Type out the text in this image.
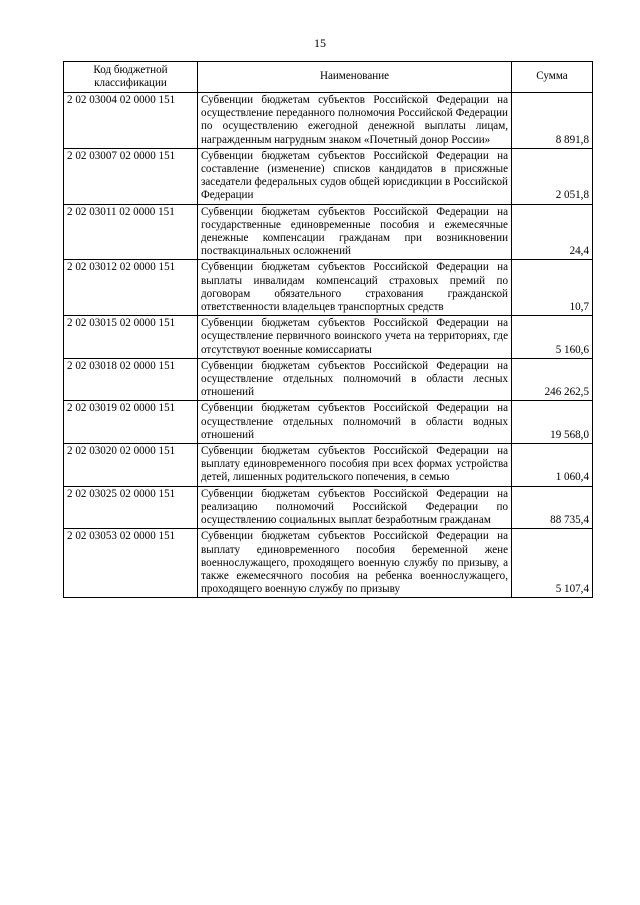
15
Код бюджетной классификации	Наименование	Сумма
2 02 03004 02 0000 151	Субвенции бюджетам субъектов Российской Федерации на осуществление переданного полномочия Российской Федерации по осуществлению ежегодной денежной выплаты лицам, награжденным нагрудным знаком «Почетный донор России»	8 891,8
2 02 03007 02 0000 151	Субвенции бюджетам субъектов Российской Федерации на составление (изменение) списков кандидатов в присяжные заседатели федеральных судов общей юрисдикции в Российской Федерации	2 051,8
2 02 03011 02 0000 151	Субвенции бюджетам субъектов Российской Федерации на государственные единовременные пособия и ежемесячные денежные компенсации гражданам при возникновении поствакцинальных осложнений	24,4
2 02 03012 02 0000 151	Субвенции бюджетам субъектов Российской Федерации на выплаты инвалидам компенсаций страховых премий по договорам обязательного страхования гражданской ответственности владельцев транспортных средств	10,7
2 02 03015 02 0000 151	Субвенции бюджетам субъектов Российской Федерации на осуществление первичного воинского учета на территориях, где отсутствуют военные комиссариаты	5 160,6
2 02 03018 02 0000 151	Субвенции бюджетам субъектов Российской Федерации на осуществление отдельных полномочий в области лесных отношений	246 262,5
2 02 03019 02 0000 151	Субвенции бюджетам субъектов Российской Федерации на осуществление отдельных полномочий в области водных отношений	19 568,0
2 02 03020 02 0000 151	Субвенции бюджетам субъектов Российской Федерации на выплату единовременного пособия при всех формах устройства детей, лишенных родительского попечения, в семью	1 060,4
2 02 03025 02 0000 151	Субвенции бюджетам субъектов Российской Федерации на реализацию полномочий Российской Федерации по осуществлению социальных выплат безработным гражданам	88 735,4
2 02 03053 02 0000 151	Субвенции бюджетам субъектов Российской Федерации на выплату единовременного пособия беременной жене военнослужащего, проходящего военную службу по призыву, а также ежемесячного пособия на ребенка военнослужащего, проходящего военную службу по призыву	5 107,4
